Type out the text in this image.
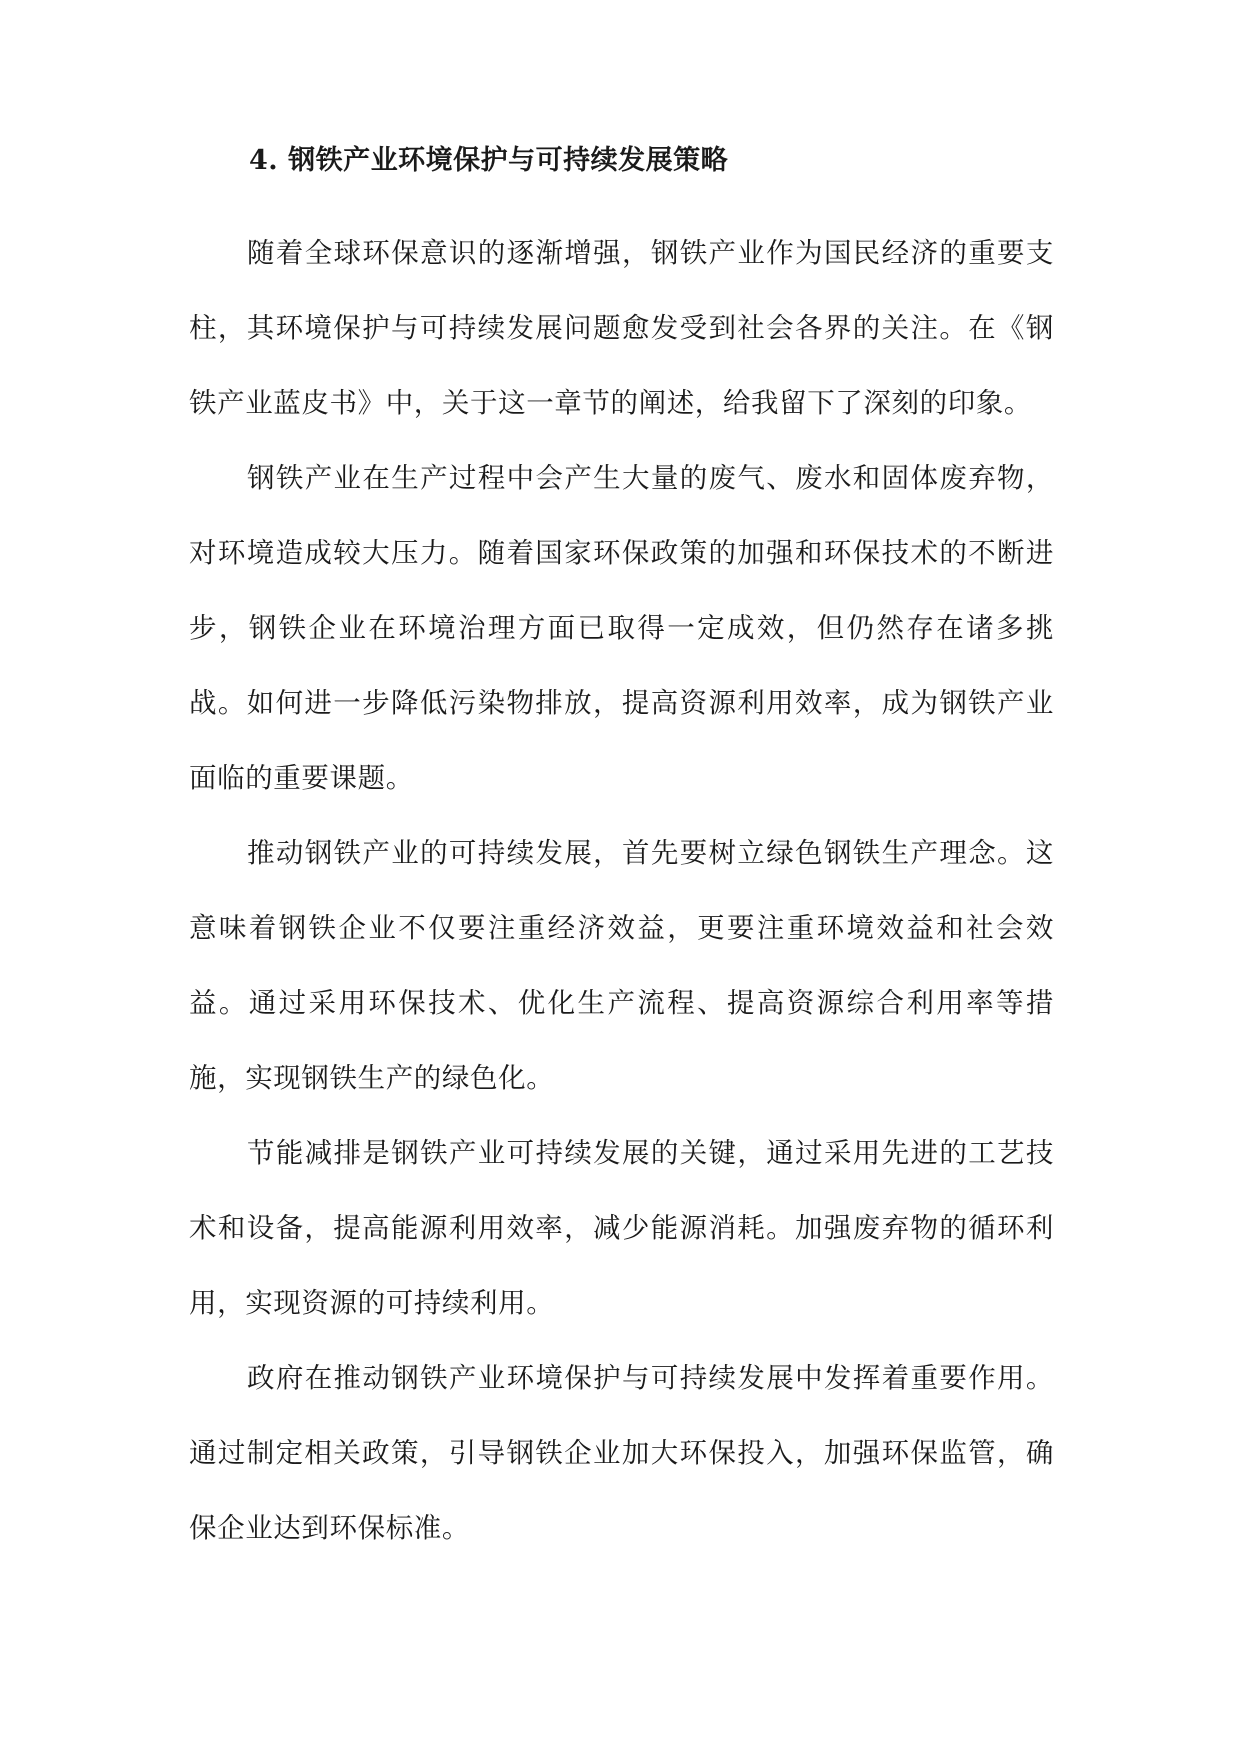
4. 钢铁产业环境保护与可持续发展策略

随着全球环保意识的逐渐增强，钢铁产业作为国民经济的重要支柱，其环境保护与可持续发展问题愈发受到社会各界的关注。在《钢铁产业蓝皮书》中，关于这一章节的阐述，给我留下了深刻的印象。

钢铁产业在生产过程中会产生大量的废气、废水和固体废弃物，对环境造成较大压力。随着国家环保政策的加强和环保技术的不断进步，钢铁企业在环境治理方面已取得一定成效，但仍然存在诸多挑战。如何进一步降低污染物排放，提高资源利用效率，成为钢铁产业面临的重要课题。

推动钢铁产业的可持续发展，首先要树立绿色钢铁生产理念。这意味着钢铁企业不仅要注重经济效益，更要注重环境效益和社会效益。通过采用环保技术、优化生产流程、提高资源综合利用率等措施，实现钢铁生产的绿色化。

节能减排是钢铁产业可持续发展的关键，通过采用先进的工艺技术和设备，提高能源利用效率，减少能源消耗。加强废弃物的循环利用，实现资源的可持续利用。

政府在推动钢铁产业环境保护与可持续发展中发挥着重要作用。通过制定相关政策，引导钢铁企业加大环保投入，加强环保监管，确保企业达到环保标准。
